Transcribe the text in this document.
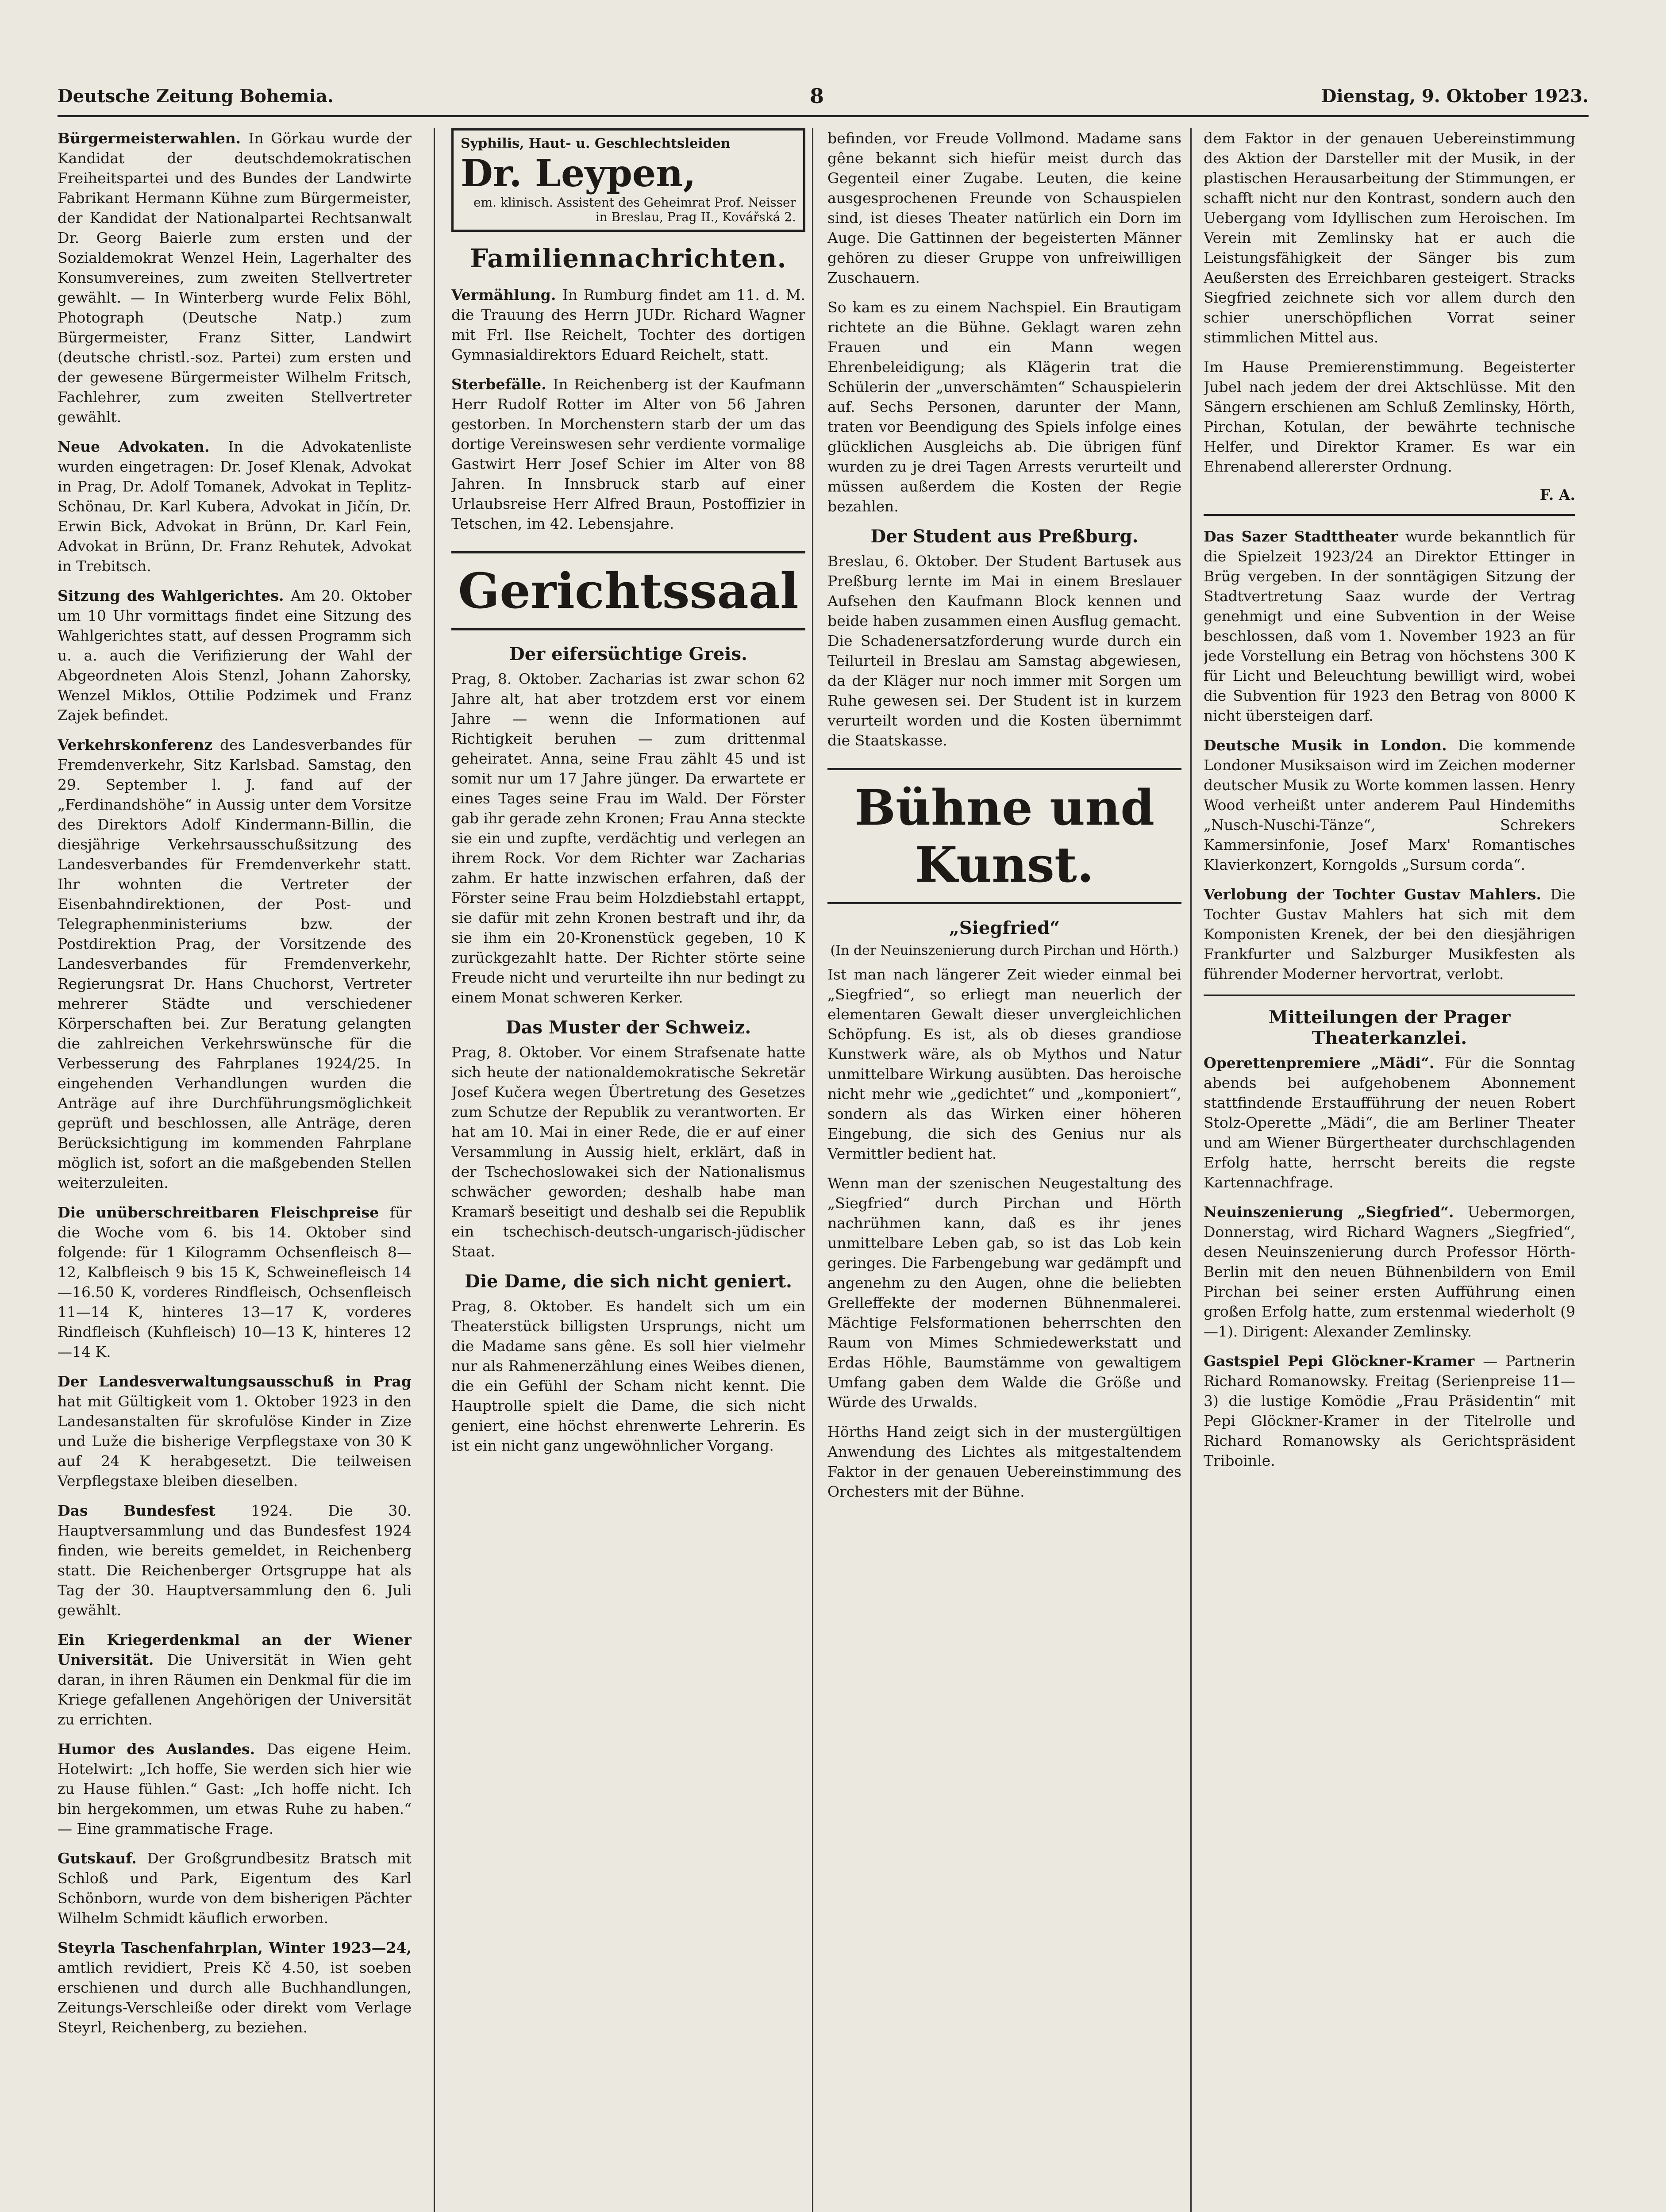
Deutsche Zeitung Bohemia.	8	Dienstag, 9. Oktober 1923.

Bürgermeisterwahlen. In Görkau wurde der Kandidat der deutschdemokratischen Freiheitspartei und des Bundes der Landwirte Fabrikant Hermann Kühne zum Bürgermeister, der Kandidat der Nationalpartei Rechtsanwalt Dr. Georg Baierle zum ersten und der Sozialdemokrat Wenzel Hein, Lagerhalter des Konsumvereines, zum zweiten Stellvertreter gewählt. — In Winterberg wurde Felix Böhl, Photograph (Deutsche Natp.) zum Bürgermeister, Franz Sitter, Landwirt (deutsche christl.-soz. Partei) zum ersten und der gewesene Bürgermeister Wilhelm Fritsch, Fachlehrer, zum zweiten Stellvertreter gewählt.

Neue Advokaten. In die Advokatenliste wurden eingetragen: Dr. Josef Klenak, Advokat in Prag, Dr. Adolf Tomanek, Advokat in Teplitz-Schönau, Dr. Karl Kubera, Advokat in Jičín, Dr. Erwin Bick, Advokat in Brünn, Dr. Karl Fein, Advokat in Brünn, Dr. Franz Rehutek, Advokat in Trebitsch.

Sitzung des Wahlgerichtes. Am 20. Oktober um 10 Uhr vormittags findet eine Sitzung des Wahlgerichtes statt, auf dessen Programm sich u. a. auch die Verifizierung der Wahl der Abgeordneten Alois Stenzl, Johann Zahorsky, Wenzel Miklos, Ottilie Podzimek und Franz Zajek befindet.

Verkehrskonferenz des Landesverbandes für Fremdenverkehr, Sitz Karlsbad. Samstag, den 29. September l. J. fand auf der „Ferdinandshöhe“ in Aussig unter dem Vorsitze des Direktors Adolf Kindermann-Billin, die diesjährige Verkehrsausschußsitzung des Landesverbandes für Fremdenverkehr statt. Ihr wohnten die Vertreter der Eisenbahndirektionen, der Post- und Telegraphenministeriums bzw. der Postdirektion Prag, der Vorsitzende des Landesverbandes für Fremdenverkehr, Regierungsrat Dr. Hans Chuchorst, Vertreter mehrerer Städte und verschiedener Körperschaften bei. Zur Beratung gelangten die zahlreichen Verkehrswünsche für die Verbesserung des Fahrplanes 1924/25. In eingehenden Verhandlungen wurden die Anträge auf ihre Durchführungsmöglichkeit geprüft und beschlossen, alle Anträge, deren Berücksichtigung im kommenden Fahrplane möglich ist, sofort an die maßgebenden Stellen weiterzuleiten.

Die unüberschreitbaren Fleischpreise für die Woche vom 6. bis 14. Oktober sind folgende: für 1 Kilogramm Ochsenfleisch 8—12, Kalbfleisch 9 bis 15 K, Schweinefleisch 14—16.50 K, vorderes Rindfleisch, Ochsenfleisch 11—14 K, hinteres 13—17 K, vorderes Rindfleisch (Kuhfleisch) 10—13 K, hinteres 12—14 K.

Der Landesverwaltungsausschuß in Prag hat mit Gültigkeit vom 1. Oktober 1923 in den Landesanstalten für skrofulöse Kinder in Zize und Luže die bisherige Verpflegstaxe von 30 K auf 24 K herabgesetzt. Die teilweisen Verpflegstaxe bleiben dieselben.

Das Bundesfest 1924. Die 30. Hauptversammlung und das Bundesfest 1924 finden, wie bereits gemeldet, in Reichenberg statt. Die Reichenberger Ortsgruppe hat als Tag der 30. Hauptversammlung den 6. Juli gewählt.

Ein Kriegerdenkmal an der Wiener Universität. Die Universität in Wien geht daran, in ihren Räumen ein Denkmal für die im Kriege gefallenen Angehörigen der Universität zu errichten.

Humor des Auslandes. Das eigene Heim. Hotelwirt: „Ich hoffe, Sie werden sich hier wie zu Hause fühlen.“ Gast: „Ich hoffe nicht. Ich bin hergekommen, um etwas Ruhe zu haben.“ — Eine grammatische Frage.

Gutskauf. Der Großgrundbesitz Bratsch mit Schloß und Park, Eigentum des Karl Schönborn, wurde von dem bisherigen Pächter Wilhelm Schmidt käuflich erworben.

Steyrla Taschenfahrplan, Winter 1923—24, amtlich revidiert, Preis Kč 4.50, ist soeben erschienen und durch alle Buchhandlungen, Zeitungs-Verschleiße oder direkt vom Verlage Steyrl, Reichenberg, zu beziehen.

Syphilis, Haut- u. Geschlechtsleiden
Dr. Leypen,
em. klinisch. Assistent des Geheimrat Prof. Neisser in Breslau, Prag II., Kovářská 2.
Familiennachrichten.

Vermählung. In Rumburg findet am 11. d. M. die Trauung des Herrn JUDr. Richard Wagner mit Frl. Ilse Reichelt, Tochter des dortigen Gymnasialdirektors Eduard Reichelt, statt.

Sterbefälle. In Reichenberg ist der Kaufmann Herr Rudolf Rotter im Alter von 56 Jahren gestorben. In Morchenstern starb der um das dortige Vereinswesen sehr verdiente vormalige Gastwirt Herr Josef Schier im Alter von 88 Jahren. In Innsbruck starb auf einer Urlaubsreise Herr Alfred Braun, Postoffizier in Tetschen, im 42. Lebensjahre.

Gerichtssaal
Der eifersüchtige Greis.

Prag, 8. Oktober. Zacharias ist zwar schon 62 Jahre alt, hat aber trotzdem erst vor einem Jahre — wenn die Informationen auf Richtigkeit beruhen — zum drittenmal geheiratet. Anna, seine Frau zählt 45 und ist somit nur um 17 Jahre jünger. Da erwartete er eines Tages seine Frau im Wald. Der Förster gab ihr gerade zehn Kronen; Frau Anna steckte sie ein und zupfte, verdächtig und verlegen an ihrem Rock. Vor dem Richter war Zacharias zahm. Er hatte inzwischen erfahren, daß der Förster seine Frau beim Holzdiebstahl ertappt, sie dafür mit zehn Kronen bestraft und ihr, da sie ihm ein 20-Kronenstück gegeben, 10 K zurückgezahlt hatte. Der Richter störte seine Freude nicht und verurteilte ihn nur bedingt zu einem Monat schweren Kerker.

Das Muster der Schweiz.

Prag, 8. Oktober. Vor einem Strafsenate hatte sich heute der nationaldemokratische Sekretär Josef Kučera wegen Übertretung des Gesetzes zum Schutze der Republik zu verantworten. Er hat am 10. Mai in einer Rede, die er auf einer Versammlung in Aussig hielt, erklärt, daß in der Tschechoslowakei sich der Nationalismus schwächer geworden; deshalb habe man Kramarš beseitigt und deshalb sei die Republik ein tschechisch-deutsch-ungarisch-jüdischer Staat.

Die Dame, die sich nicht geniert.

Prag, 8. Oktober. Es handelt sich um ein Theaterstück billigsten Ursprungs, nicht um die Madame sans gêne. Es soll hier vielmehr nur als Rahmenerzählung eines Weibes dienen, die ein Gefühl der Scham nicht kennt. Die Hauptrolle spielt die Dame, die sich nicht geniert, eine höchst ehrenwerte Lehrerin. Es ist ein nicht ganz ungewöhnlicher Vorgang.

befinden, vor Freude Vollmond. Madame sans gêne bekannt sich hiefür meist durch das Gegenteil einer Zugabe. Leuten, die keine ausgesprochenen Freunde von Schauspielen sind, ist dieses Theater natürlich ein Dorn im Auge. Die Gattinnen der begeisterten Männer gehören zu dieser Gruppe von unfreiwilligen Zuschauern.

So kam es zu einem Nachspiel. Ein Brautigam richtete an die Bühne. Geklagt waren zehn Frauen und ein Mann wegen Ehrenbeleidigung; als Klägerin trat die Schülerin der „unverschämten“ Schauspielerin auf. Sechs Personen, darunter der Mann, traten vor Beendigung des Spiels infolge eines glücklichen Ausgleichs ab. Die übrigen fünf wurden zu je drei Tagen Arrests verurteilt und müssen außerdem die Kosten der Regie bezahlen.

Der Student aus Preßburg.

Breslau, 6. Oktober. Der Student Bartusek aus Preßburg lernte im Mai in einem Breslauer Aufsehen den Kaufmann Block kennen und beide haben zusammen einen Ausflug gemacht. Die Schadenersatzforderung wurde durch ein Teilurteil in Breslau am Samstag abgewiesen, da der Kläger nur noch immer mit Sorgen um Ruhe gewesen sei. Der Student ist in kurzem verurteilt worden und die Kosten übernimmt die Staatskasse.

Bühne und Kunst.
„Siegfried“
(In der Neuinszenierung durch Pirchan und Hörth.)

Ist man nach längerer Zeit wieder einmal bei „Siegfried“, so erliegt man neuerlich der elementaren Gewalt dieser unvergleichlichen Schöpfung. Es ist, als ob dieses grandiose Kunstwerk wäre, als ob Mythos und Natur unmittelbare Wirkung ausübten. Das heroische nicht mehr wie „gedichtet“ und „komponiert“, sondern als das Wirken einer höheren Eingebung, die sich des Genius nur als Vermittler bedient hat.

Wenn man der szenischen Neugestaltung des „Siegfried“ durch Pirchan und Hörth nachrühmen kann, daß es ihr jenes unmittelbare Leben gab, so ist das Lob kein geringes. Die Farbengebung war gedämpft und angenehm zu den Augen, ohne die beliebten Grelleffekte der modernen Bühnenmalerei. Mächtige Felsformationen beherrschten den Raum von Mimes Schmiedewerkstatt und Erdas Höhle, Baumstämme von gewaltigem Umfang gaben dem Walde die Größe und Würde des Urwalds.

Hörths Hand zeigt sich in der mustergültigen Anwendung des Lichtes als mitgestaltendem Faktor in der genauen Uebereinstimmung des Orchesters mit der Bühne.

dem Faktor in der genauen Uebereinstimmung des Aktion der Darsteller mit der Musik, in der plastischen Herausarbeitung der Stimmungen, er schafft nicht nur den Kontrast, sondern auch den Uebergang vom Idyllischen zum Heroischen. Im Verein mit Zemlinsky hat er auch die Leistungsfähigkeit der Sänger bis zum Aeußersten des Erreichbaren gesteigert. Stracks Siegfried zeichnete sich vor allem durch den schier unerschöpflichen Vorrat seiner stimmlichen Mittel aus.

Im Hause Premierenstimmung. Begeisterter Jubel nach jedem der drei Aktschlüsse. Mit den Sängern erschienen am Schluß Zemlinsky, Hörth, Pirchan, Kotulan, der bewährte technische Helfer, und Direktor Kramer. Es war ein Ehrenabend allererster Ordnung.

F. A.

Das Sazer Stadttheater wurde bekanntlich für die Spielzeit 1923/24 an Direktor Ettinger in Brüg vergeben. In der sonntägigen Sitzung der Stadtvertretung Saaz wurde der Vertrag genehmigt und eine Subvention in der Weise beschlossen, daß vom 1. November 1923 an für jede Vorstellung ein Betrag von höchstens 300 K für Licht und Beleuchtung bewilligt wird, wobei die Subvention für 1923 den Betrag von 8000 K nicht übersteigen darf.

Deutsche Musik in London. Die kommende Londoner Musiksaison wird im Zeichen moderner deutscher Musik zu Worte kommen lassen. Henry Wood verheißt unter anderem Paul Hindemiths „Nusch-Nuschi-Tänze“, Schrekers Kammersinfonie, Josef Marx' Romantisches Klavierkonzert, Korngolds „Sursum corda“.

Verlobung der Tochter Gustav Mahlers. Die Tochter Gustav Mahlers hat sich mit dem Komponisten Krenek, der bei den diesjährigen Frankfurter und Salzburger Musikfesten als führender Moderner hervortrat, verlobt.

Mitteilungen der Prager Theaterkanzlei.

Operettenpremiere „Mädi“. Für die Sonntag abends bei aufgehobenem Abonnement stattfindende Erstaufführung der neuen Robert Stolz-Operette „Mädi“, die am Berliner Theater und am Wiener Bürgertheater durchschlagenden Erfolg hatte, herrscht bereits die regste Kartennachfrage.

Neuinszenierung „Siegfried“. Uebermorgen, Donnerstag, wird Richard Wagners „Siegfried“, desen Neuinszenierung durch Professor Hörth-Berlin mit den neuen Bühnenbildern von Emil Pirchan bei seiner ersten Aufführung einen großen Erfolg hatte, zum erstenmal wiederholt (9—1). Dirigent: Alexander Zemlinsky.

Gastspiel Pepi Glöckner-Kramer — Partnerin Richard Romanowsky. Freitag (Serienpreise 11—3) die lustige Komödie „Frau Präsidentin“ mit Pepi Glöckner-Kramer in der Titelrolle und Richard Romanowsky als Gerichtspräsident Triboinle.
